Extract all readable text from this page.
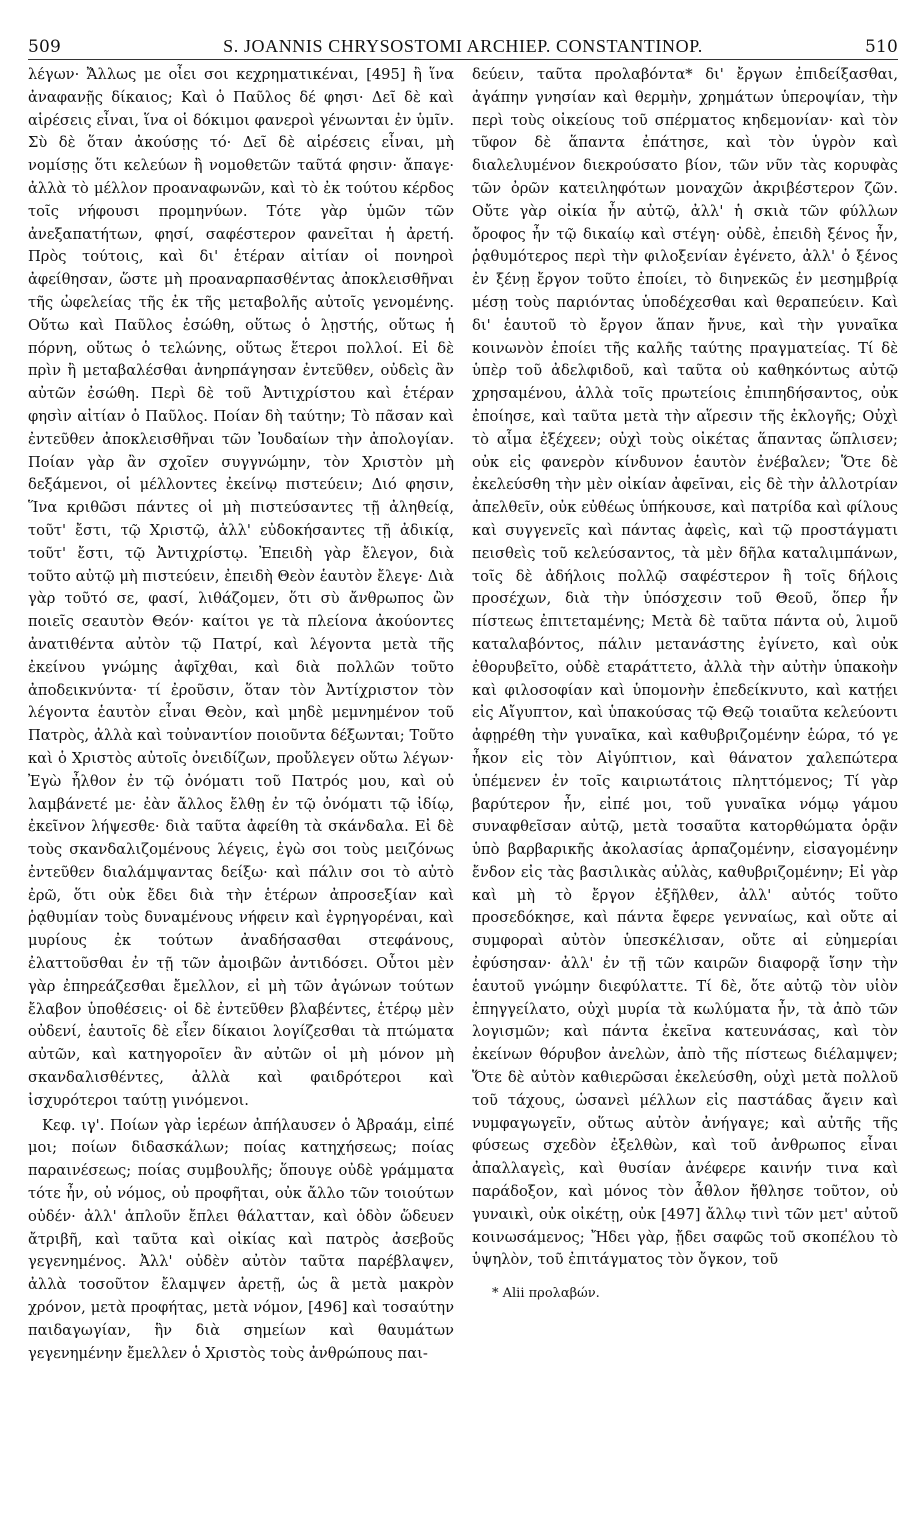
509	S. JOANNIS CHRYSOSTOMI ARCHIEP. CONSTANTINOP.	510

λέγων· Ἄλλως με οἶει σοι κεχρηματικέναι, [495] ἢ ἵνα ἀναφανῇς δίκαιος; Καὶ ὁ Παῦλος δέ φησι· Δεῖ δὲ καὶ αἱρέσεις εἶναι, ἵνα οἱ δόκιμοι φανεροὶ γένωνται ἐν ὑμῖν. Σὺ δὲ ὅταν ἀκούσῃς τό· Δεῖ δὲ αἱρέσεις εἶναι, μὴ νομίσῃς ὅτι κελεύων ἢ νομοθετῶν ταῦτά φησιν· ἄπαγε· ἀλλὰ τὸ μέλλον προαναφωνῶν, καὶ τὸ ἐκ τούτου κέρδος τοῖς νήφουσι προμηνύων. Τότε γὰρ ὑμῶν τῶν ἀνεξαπατήτων, φησί, σαφέστερον φανεῖται ἡ ἀρετή. Πρὸς τούτοις, καὶ δι' ἑτέραν αἰτίαν οἱ πονηροὶ ἀφείθησαν, ὥστε μὴ προαναρπασθέντας ἀποκλεισθῆναι τῆς ὠφελείας τῆς ἐκ τῆς μεταβολῆς αὐτοῖς γενομένης. Οὕτω καὶ Παῦλος ἐσώθη, οὕτως ὁ λῃστής, οὕτως ἡ πόρνη, οὕτως ὁ τελώνης, οὕτως ἕτεροι πολλοί. Εἰ δὲ πρὶν ἢ μεταβαλέσθαι ἀνηρπάγησαν ἐντεῦθεν, οὐδεὶς ἂν αὐτῶν ἐσώθη. Περὶ δὲ τοῦ Ἀντιχρίστου καὶ ἑτέραν φησὶν αἰτίαν ὁ Παῦλος. Ποίαν δὴ ταύτην; Τὸ πᾶσαν καὶ ἐντεῦθεν ἀποκλεισθῆναι τῶν Ἰουδαίων τὴν ἀπολογίαν. Ποίαν γὰρ ἂν σχοῖεν συγγνώμην, τὸν Χριστὸν μὴ δεξάμενοι, οἱ μέλλοντες ἐκείνῳ πιστεύειν; Διό φησιν, Ἵνα κριθῶσι πάντες οἱ μὴ πιστεύσαντες τῇ ἀληθείᾳ, τοῦτ' ἔστι, τῷ Χριστῷ, ἀλλ' εὐδοκήσαντες τῇ ἀδικίᾳ, τοῦτ' ἔστι, τῷ Ἀντιχρίστῳ. Ἐπειδὴ γὰρ ἔλεγον, διὰ τοῦτο αὐτῷ μὴ πιστεύειν, ἐπειδὴ Θεὸν ἑαυτὸν ἔλεγε· Διὰ γὰρ τοῦτό σε, φασί, λιθάζομεν, ὅτι σὺ ἄνθρωπος ὢν ποιεῖς σεαυτὸν Θεόν· καίτοι γε τὰ πλείονα ἀκούοντες ἀνατιθέντα αὐτὸν τῷ Πατρί, καὶ λέγοντα μετὰ τῆς ἐκείνου γνώμης ἀφῖχθαι, καὶ διὰ πολλῶν τοῦτο ἀποδεικνύντα· τί ἐροῦσιν, ὅταν τὸν Ἀντίχριστον τὸν λέγοντα ἑαυτὸν εἶναι Θεὸν, καὶ μηδὲ μεμνημένον τοῦ Πατρὸς, ἀλλὰ καὶ τοὐναντίον ποιοῦντα δέξωνται; Τοῦτο καὶ ὁ Χριστὸς αὐτοῖς ὀνειδίζων, προὔλεγεν οὕτω λέγων· Ἐγὼ ἦλθον ἐν τῷ ὀνόματι τοῦ Πατρός μου, καὶ οὐ λαμβάνετέ με· ἐὰν ἄλλος ἔλθῃ ἐν τῷ ὀνόματι τῷ ἰδίῳ, ἐκεῖνον λήψεσθε· διὰ ταῦτα ἀφείθη τὰ σκάνδαλα. Εἰ δὲ τοὺς σκανδαλιζομένους λέγεις, ἐγὼ σοι τοὺς μειζόνως ἐντεῦθεν διαλάμψαντας δείξω· καὶ πάλιν σοι τὸ αὐτὸ ἐρῶ, ὅτι οὐκ ἔδει διὰ τὴν ἑτέρων ἀπροσεξίαν καὶ ῥᾳθυμίαν τοὺς δυναμένους νήφειν καὶ ἐγρηγορέναι, καὶ μυρίους ἐκ τούτων ἀναδήσασθαι στεφάνους, ἐλαττοῦσθαι ἐν τῇ τῶν ἀμοιβῶν ἀντιδόσει. Οὗτοι μὲν γὰρ ἐπηρεάζεσθαι ἔμελλον, εἰ μὴ τῶν ἀγώνων τούτων ἔλαβον ὑποθέσεις· οἱ δὲ ἐντεῦθεν βλαβέντες, ἑτέρῳ μὲν οὐδενί, ἑαυτοῖς δὲ εἶεν δίκαιοι λογίζεσθαι τὰ πτώματα αὐτῶν, καὶ κατηγοροῖεν ἂν αὐτῶν οἱ μὴ μόνον μὴ σκανδαλισθέντες, ἀλλὰ καὶ φαιδρότεροι καὶ ἰσχυρότεροι ταύτῃ γινόμενοι.

Κεφ. ιγ'. Ποίων γὰρ ἱερέων ἀπήλαυσεν ὁ Ἀβραάμ, εἰπέ μοι; ποίων διδασκάλων; ποίας κατηχήσεως; ποίας παραινέσεως; ποίας συμβουλῆς; ὅπουγε οὐδὲ γράμματα τότε ἦν, οὐ νόμος, οὐ προφῆται, οὐκ ἄλλο τῶν τοιούτων οὐδέν· ἀλλ' ἁπλοῦν ἔπλει θάλατταν, καὶ ὁδὸν ὥδευεν ἄτριβῆ, καὶ ταῦτα καὶ οἰκίας καὶ πατρὸς ἀσεβοῦς γεγενημένος. Ἀλλ' οὐδὲν αὐτὸν ταῦτα παρέβλαψεν, ἀλλὰ τοσοῦτον ἔλαμψεν ἀρετῇ, ὡς ἃ μετὰ μακρὸν χρόνον, μετὰ προφήτας, μετὰ νόμον, [496] καὶ τοσαύτην παιδαγωγίαν, ἣν διὰ σημείων καὶ θαυμάτων γεγενημένην ἔμελλεν ὁ Χριστὸς τοὺς ἀνθρώπους παι-

δεύειν, ταῦτα προλαβόντα* δι' ἔργων ἐπιδείξασθαι, ἀγάπην γνησίαν καὶ θερμὴν, χρημάτων ὑπεροψίαν, τὴν περὶ τοὺς οἰκείους τοῦ σπέρματος κηδεμονίαν· καὶ τὸν τῦφον δὲ ἅπαντα ἐπάτησε, καὶ τὸν ὑγρὸν καὶ διαλελυμένον διεκρούσατο βίον, τῶν νῦν τὰς κορυφὰς τῶν ὀρῶν κατειληφότων μοναχῶν ἀκριβέστερον ζῶν. Οὔτε γὰρ οἰκία ἦν αὐτῷ, ἀλλ' ἡ σκιὰ τῶν φύλλων ὄροφος ἦν τῷ δικαίῳ καὶ στέγη· οὐδὲ, ἐπειδὴ ξένος ἦν, ῥᾳθυμότερος περὶ τὴν φιλοξενίαν ἐγένετο, ἀλλ' ὁ ξένος ἐν ξένῃ ἔργον τοῦτο ἐποίει, τὸ διηνεκῶς ἐν μεσημβρίᾳ μέσῃ τοὺς παριόντας ὑποδέχεσθαι καὶ θεραπεύειν. Καὶ δι' ἑαυτοῦ τὸ ἔργον ἅπαν ἤνυε, καὶ τὴν γυναῖκα κοινωνὸν ἐποίει τῆς καλῆς ταύτης πραγματείας. Τί δὲ ὑπὲρ τοῦ ἀδελφιδοῦ, καὶ ταῦτα οὐ καθηκόντως αὐτῷ χρησαμένου, ἀλλὰ τοῖς πρωτείοις ἐπιπηδήσαντος, οὐκ ἐποίησε, καὶ ταῦτα μετὰ τὴν αἵρεσιν τῆς ἐκλογῆς; Οὐχὶ τὸ αἷμα ἐξέχεεν; οὐχὶ τοὺς οἰκέτας ἅπαντας ὥπλισεν; οὐκ εἰς φανερὸν κίνδυνον ἑαυτὸν ἐνέβαλεν; Ὅτε δὲ ἐκελεύσθη τὴν μὲν οἰκίαν ἀφεῖναι, εἰς δὲ τὴν ἀλλοτρίαν ἀπελθεῖν, οὐκ εὐθέως ὑπήκουσε, καὶ πατρίδα καὶ φίλους καὶ συγγενεῖς καὶ πάντας ἀφεὶς, καὶ τῷ προστάγματι πεισθεὶς τοῦ κελεύσαντος, τὰ μὲν δῆλα καταλιμπάνων, τοῖς δὲ ἀδήλοις πολλῷ σαφέστερον ἢ τοῖς δήλοις προσέχων, διὰ τὴν ὑπόσχεσιν τοῦ Θεοῦ, ὅπερ ἦν πίστεως ἐπιτεταμένης; Μετὰ δὲ ταῦτα πάντα οὐ, λιμοῦ καταλαβόντος, πάλιν μετανάστης ἐγίνετο, καὶ οὐκ ἐθορυβεῖτο, οὐδὲ εταράττετο, ἀλλὰ τὴν αὐτὴν ὑπακοὴν καὶ φιλοσοφίαν καὶ ὑπομονὴν ἐπεδείκνυτο, καὶ κατῄει εἰς Αἴγυπτον, καὶ ὑπακούσας τῷ Θεῷ τοιαῦτα κελεύοντι ἀφῃρέθη τὴν γυναῖκα, καὶ καθυβριζομένην ἑώρα, τό γε ἧκον εἰς τὸν Αἰγύπτιον, καὶ θάνατον χαλεπώτερα ὑπέμενεν ἐν τοῖς καιριωτάτοις πληττόμενος; Τί γὰρ βαρύτερον ἦν, εἰπέ μοι, τοῦ γυναῖκα νόμῳ γάμου συναφθεῖσαν αὐτῷ, μετὰ τοσαῦτα κατορθώματα ὁρᾷν ὑπὸ βαρβαρικῆς ἀκολασίας ἁρπαζομένην, εἰσαγομένην ἔνδον εἰς τὰς βασιλικὰς αὐλὰς, καθυβριζομένην; Εἰ γὰρ καὶ μὴ τὸ ἔργον ἐξῆλθεν, ἀλλ' αὐτός τοῦτο προσεδόκησε, καὶ πάντα ἔφερε γενναίως, καὶ οὔτε αἱ συμφοραὶ αὐτὸν ὑπεσκέλισαν, οὔτε αἱ εὐημερίαι ἐφύσησαν· ἀλλ' ἐν τῇ τῶν καιρῶν διαφορᾷ ἴσην τὴν ἑαυτοῦ γνώμην διεφύλαττε. Τί δὲ, ὅτε αὐτῷ τὸν υἱὸν ἐπηγγείλατο, οὐχὶ μυρία τὰ κωλύματα ἦν, τὰ ἀπὸ τῶν λογισμῶν; καὶ πάντα ἐκεῖνα κατευνάσας, καὶ τὸν ἐκείνων θόρυβον ἀνελὼν, ἀπὸ τῆς πίστεως διέλαμψεν; Ὅτε δὲ αὐτὸν καθιερῶσαι ἐκελεύσθη, οὐχὶ μετὰ πολλοῦ τοῦ τάχους, ὡσανεὶ μέλλων εἰς παστάδας ἄγειν καὶ νυμφαγωγεῖν, οὕτως αὐτὸν ἀνήγαγε; καὶ αὐτῆς τῆς φύσεως σχεδὸν ἐξελθὼν, καὶ τοῦ ἀνθρωπος εἶναι ἀπαλλαγεὶς, καὶ θυσίαν ἀνέφερε καινήν τινα καὶ παράδοξον, καὶ μόνος τὸν ἆθλον ἤθλησε τοῦτον, οὐ γυναικὶ, οὐκ οἰκέτῃ, οὐκ [497] ἄλλῳ τινὶ τῶν μετ' αὐτοῦ κοινωσάμενος; Ἤδει γὰρ, ᾔδει σαφῶς τοῦ σκοπέλου τὸ ὑψηλὸν, τοῦ ἐπιτάγματος τὸν ὄγκον, τοῦ

* Alii προλαβών.
